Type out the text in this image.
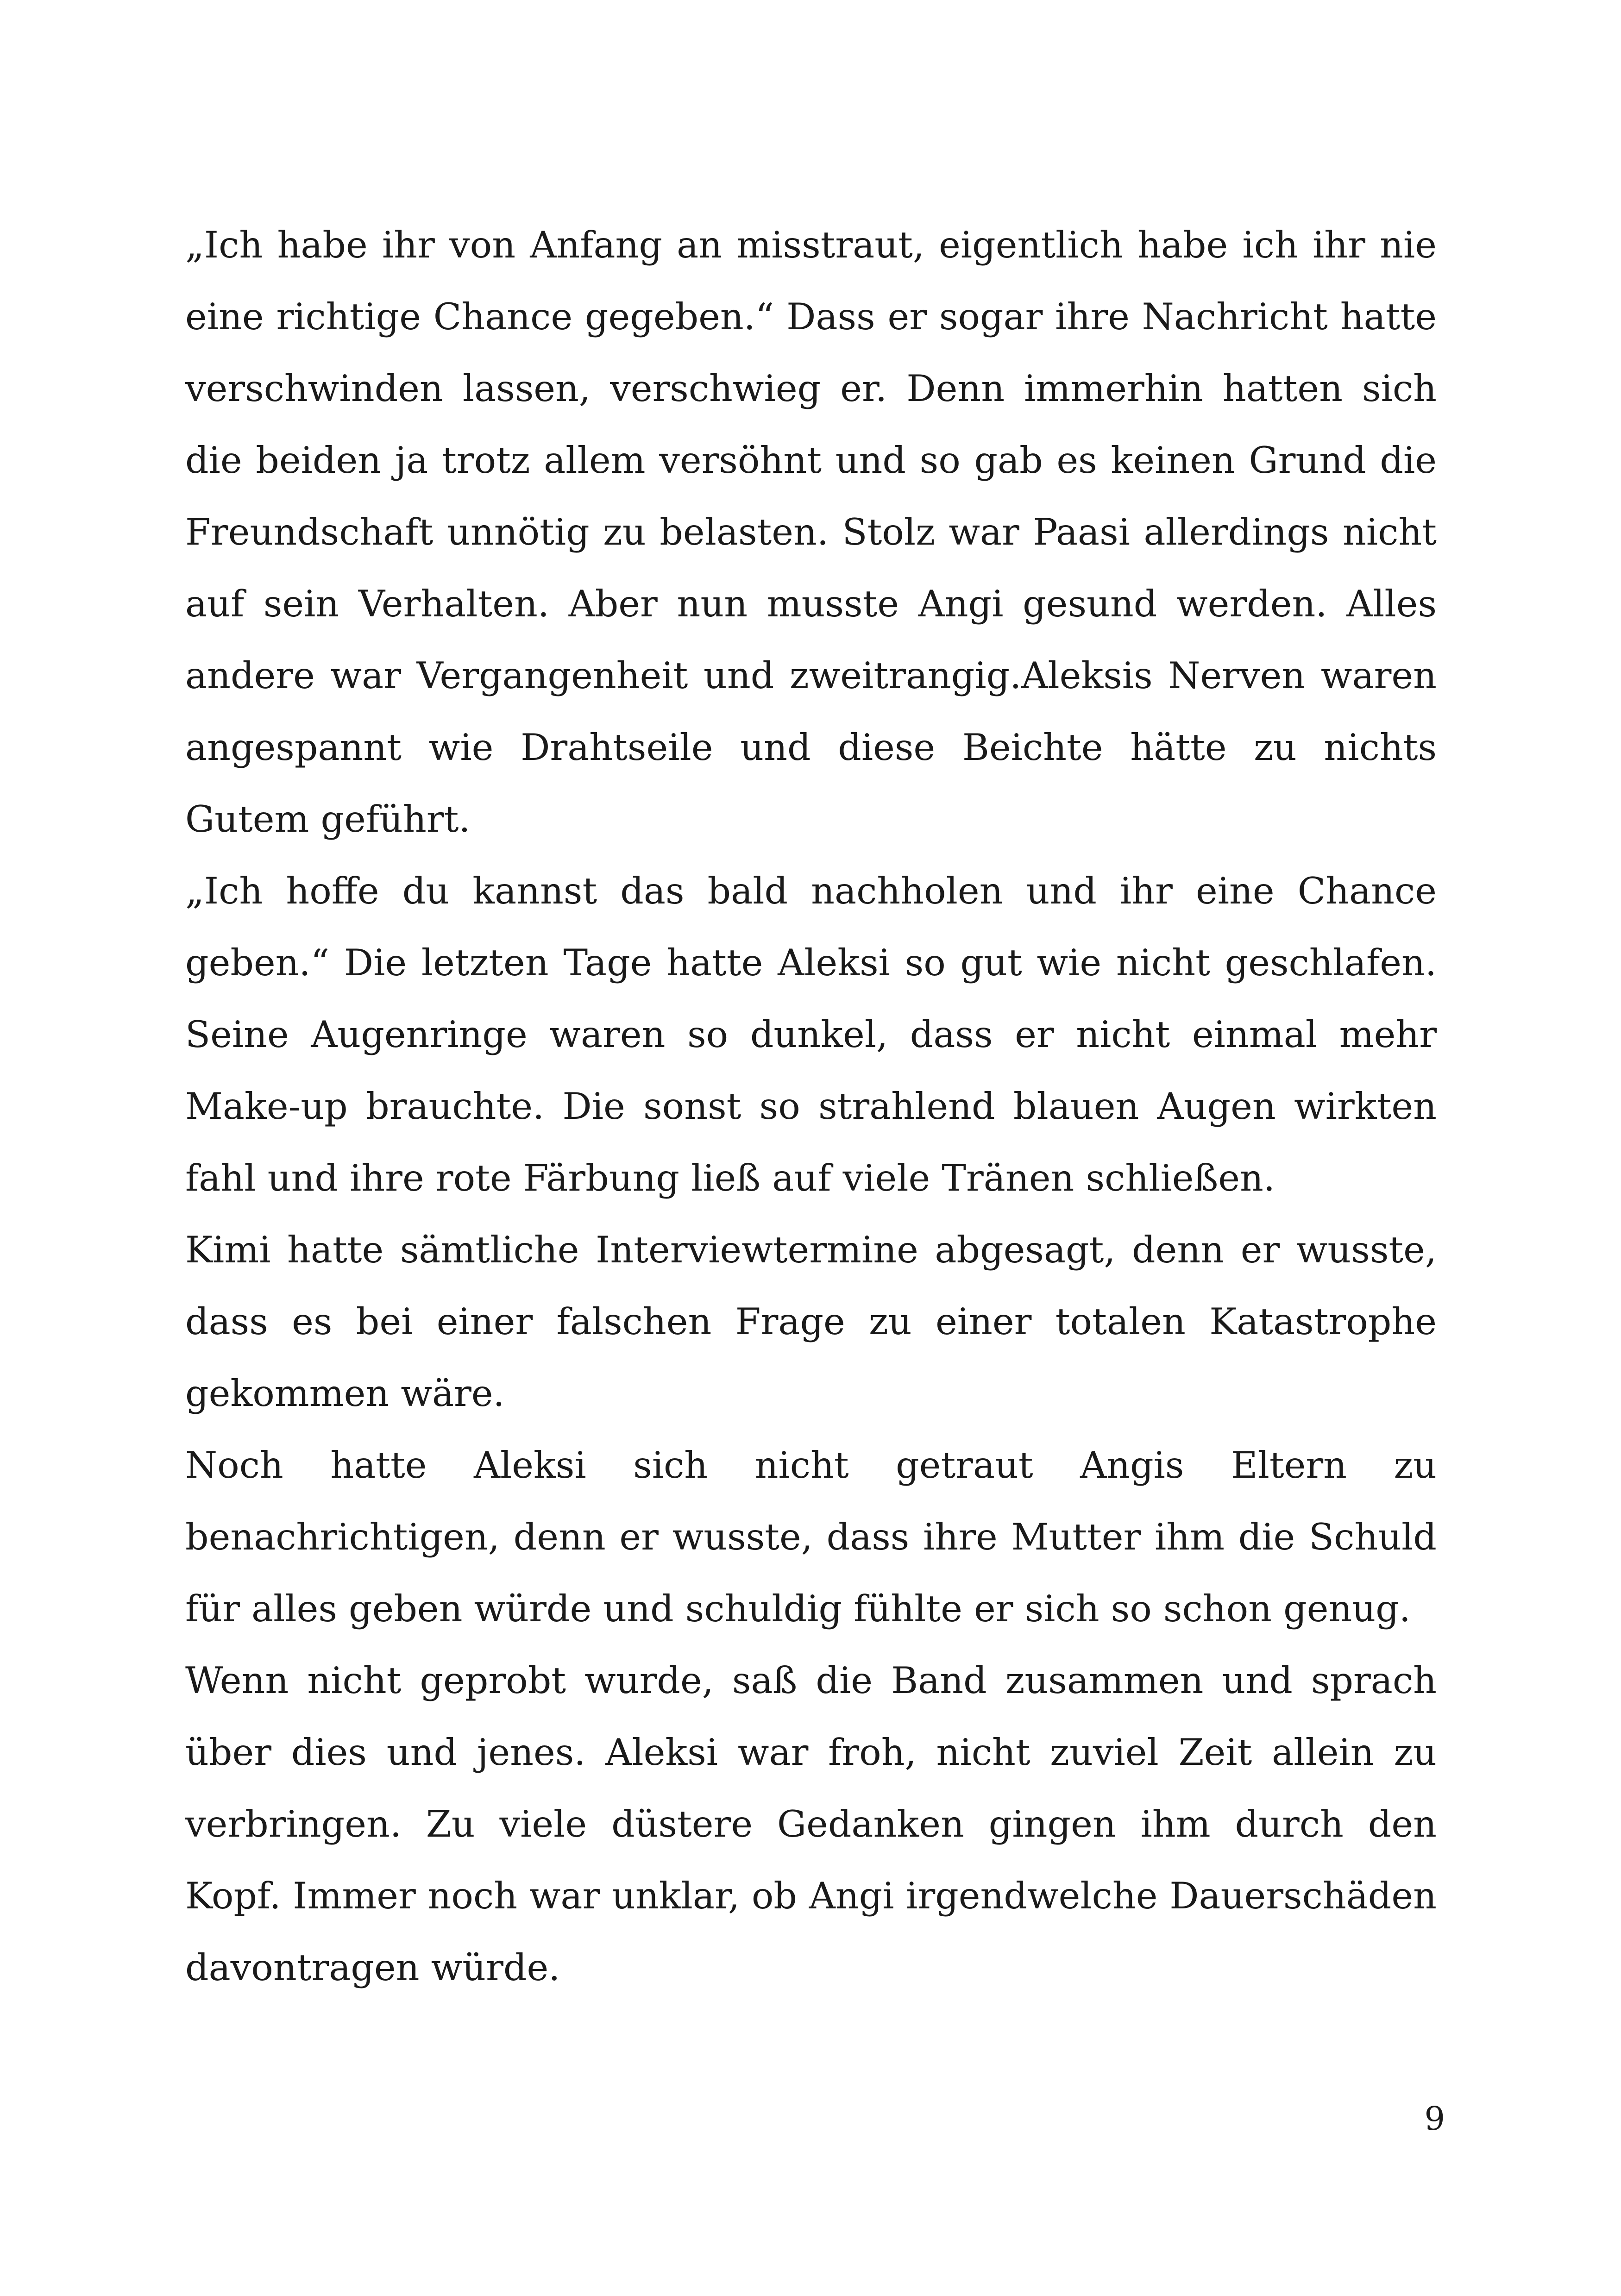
„Ich habe ihr von Anfang an misstraut, eigentlich habe ich ihr nie eine richtige Chance gegeben.“ Dass er sogar ihre Nachricht hatte verschwinden lassen, verschwieg er. Denn immerhin hatten sich die beiden ja trotz allem versöhnt und so gab es keinen Grund die Freundschaft unnötig zu belasten. Stolz war Paasi allerdings nicht auf sein Verhalten. Aber nun musste Angi gesund werden. Alles andere war Vergangenheit und zweitrangig.Aleksis Nerven waren angespannt wie Drahtseile und diese Beichte hätte zu nichts Gutem geführt.

„Ich hoffe du kannst das bald nachholen und ihr eine Chance geben.“ Die letzten Tage hatte Aleksi so gut wie nicht geschlafen. Seine Augenringe waren so dunkel, dass er nicht einmal mehr Make-up brauchte. Die sonst so strahlend blauen Augen wirkten fahl und ihre rote Färbung ließ auf viele Tränen schließen.

Kimi hatte sämtliche Interviewtermine abgesagt, denn er wusste, dass es bei einer falschen Frage zu einer totalen Katastrophe gekommen wäre.

Noch hatte Aleksi sich nicht getraut Angis Eltern zu benachrichtigen, denn er wusste, dass ihre Mutter ihm die Schuld für alles geben würde und schuldig fühlte er sich so schon genug.

Wenn nicht geprobt wurde, saß die Band zusammen und sprach über dies und jenes. Aleksi war froh, nicht zuviel Zeit allein zu verbringen. Zu viele düstere Gedanken gingen ihm durch den Kopf. Immer noch war unklar, ob Angi irgendwelche Dauerschäden davontragen würde.

9
